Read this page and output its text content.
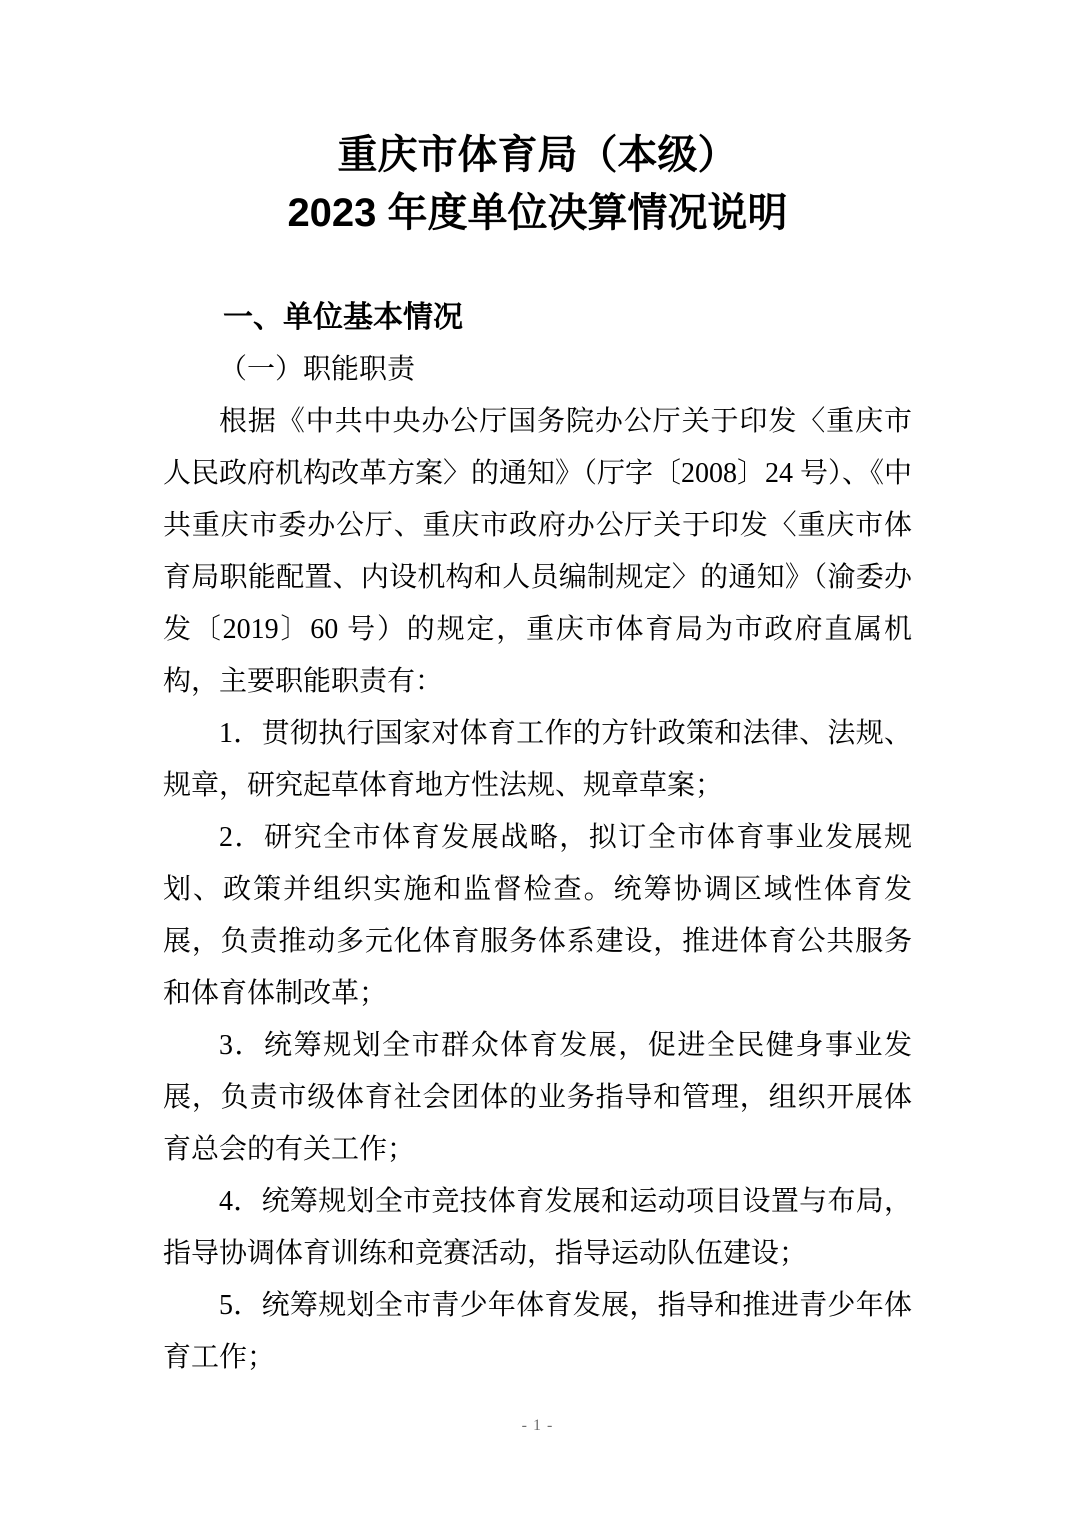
重庆市体育局（本级）
2023 年度单位决算情况说明
一、单位基本情况
（一）职能职责

根据《中共中央办公厅国务院办公厅关于印发〈重庆市人民政府机构改革方案〉的通知》（厅字〔2008〕24 号）、《中共重庆市委办公厅、重庆市政府办公厅关于印发〈重庆市体育局职能配置、内设机构和人员编制规定〉的通知》（渝委办发〔2019〕60 号）的规定，重庆市体育局为市政府直属机构，主要职能职责有：

1．贯彻执行国家对体育工作的方针政策和法律、法规、规章，研究起草体育地方性法规、规章草案；

2．研究全市体育发展战略，拟订全市体育事业发展规划、政策并组织实施和监督检查。统筹协调区域性体育发展，负责推动多元化体育服务体系建设，推进体育公共服务和体育体制改革；

3．统筹规划全市群众体育发展，促进全民健身事业发展，负责市级体育社会团体的业务指导和管理，组织开展体育总会的有关工作；

4．统筹规划全市竞技体育发展和运动项目设置与布局，指导协调体育训练和竞赛活动，指导运动队伍建设；

5．统筹规划全市青少年体育发展，指导和推进青少年体育工作；

- 1 -
